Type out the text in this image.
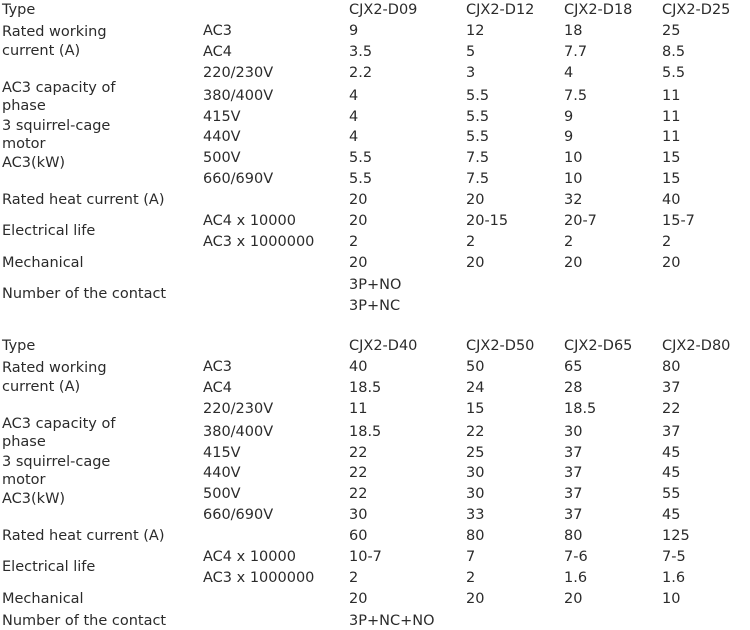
Type	CJX2-D09	CJX2-D12 CJX2-D18 CJX2-D25
Rated working
current (A)
AC3	9	12	18	25
AC4	3.5	5	7.7	8.5
AC3 capacity of
phase
3 squirrel-cage
motor
AC3(kW)
220/230V	2.2	3	4	5.5
380/400V	4	5.5	7.5	11
415V	4	5.5	9	11
440V	4	5.5	9	11
500V	5.5	7.5	10	15
660/690V	5.5	7.5	10	15
Rated heat current (A)	20	20	32	40
Electrical life
AC4 x 10000	20	20-15	20-7	15-7
AC3 x 1000000 2	2	2	2
Mechanical	20	20	20	20
Number of the contact
3P+NO
3P+NC
Type	CJX2-D40	CJX2-D50 CJX2-D65 CJX2-D80
Rated working
current (A)
AC3	40	50	65	80
AC4	18.5	24	28	37
AC3 capacity of
phase
3 squirrel-cage
motor
AC3(kW)
220/230V	11	15	18.5	22
380/400V	18.5	22	30	37
415V	22	25	37	45
440V	22	30	37	45
500V	22	30	37	55
660/690V	30	33	37	45
Rated heat current (A)	60	80	80	125
Electrical life
AC4 x 10000	10-7	7	7-6	7-5
AC3 x 1000000 2	2	1.6	1.6
Mechanical	20	20	20	10
Number of the contact	3P+NC+NO
